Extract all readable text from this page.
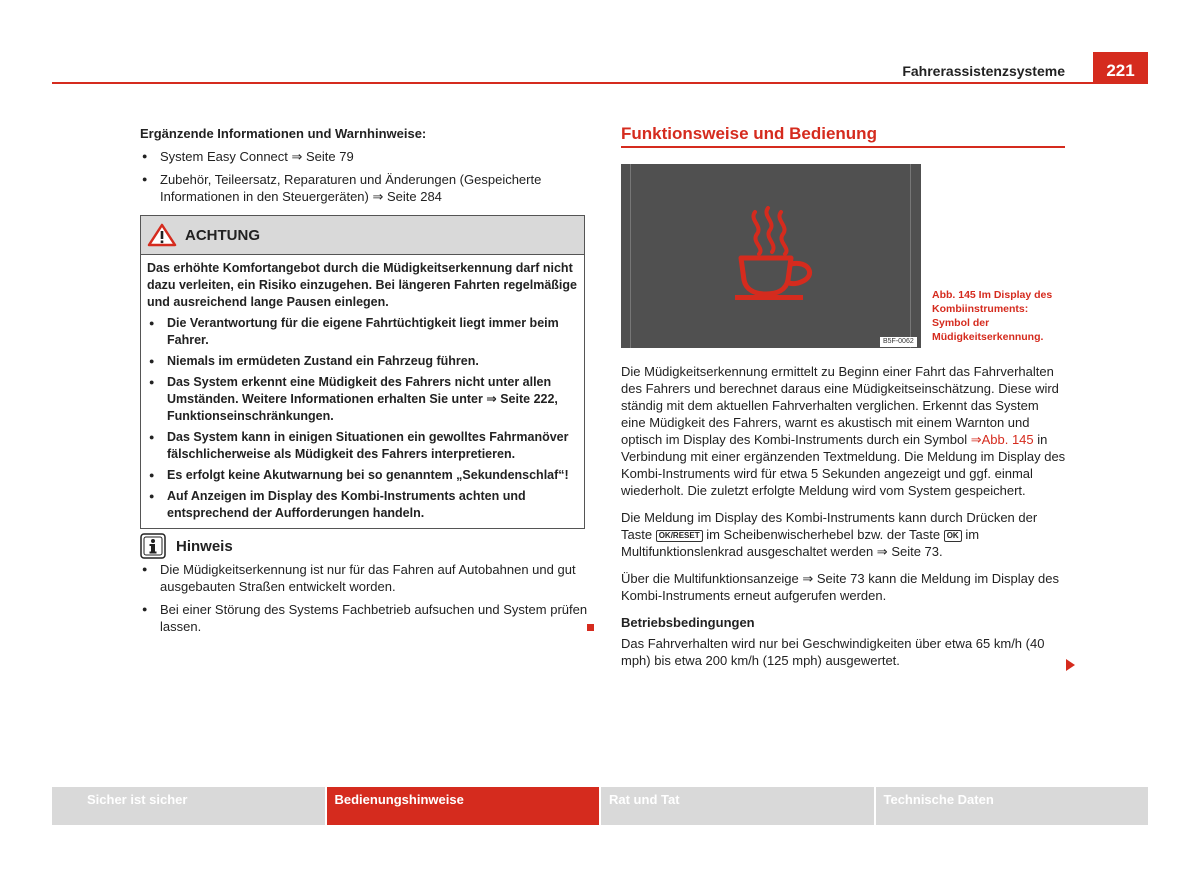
Fahrerassistenzsysteme	221
Ergänzende Informationen und Warnhinweise:

● System Easy Connect ⇒ Seite 79

● Zubehör, Teileersatz, Reparaturen und Änderungen (Gespeicherte Informationen in den Steuergeräten) ⇒ Seite 284

ACHTUNG

Das erhöhte Komfortangebot durch die Müdigkeitserkennung darf nicht dazu verleiten, ein Risiko einzugehen. Bei längeren Fahrten regelmäßige und ausreichend lange Pausen einlegen.

● Die Verantwortung für die eigene Fahrtüchtigkeit liegt immer beim Fahrer.

● Niemals im ermüdeten Zustand ein Fahrzeug führen.

● Das System erkennt eine Müdigkeit des Fahrers nicht unter allen Umständen. Weitere Informationen erhalten Sie unter ⇒ Seite 222, Funktionseinschränkungen.

● Das System kann in einigen Situationen ein gewolltes Fahrmanöver fälschlicherweise als Müdigkeit des Fahrers interpretieren.

● Es erfolgt keine Akutwarnung bei so genanntem „Sekundenschlaf“!

● Auf Anzeigen im Display des Kombi-Instruments achten und entsprechend der Aufforderungen handeln.

Hinweis

● Die Müdigkeitserkennung ist nur für das Fahren auf Autobahnen und gut ausgebauten Straßen entwickelt worden.

● Bei einer Störung des Systems Fachbetrieb aufsuchen und System prüfen lassen.

Funktionsweise und Bedienung
B5F-0062
Abb. 145 Im Display des Kombiinstruments: Symbol der Müdigkeitserkennung.

Die Müdigkeitserkennung ermittelt zu Beginn einer Fahrt das Fahrverhalten des Fahrers und berechnet daraus eine Müdigkeitseinschätzung. Diese wird ständig mit dem aktuellen Fahrverhalten verglichen. Erkennt das System eine Müdigkeit des Fahrers, warnt es akustisch mit einem Warnton und optisch im Display des Kombi-Instruments durch ein Symbol ⇒Abb. 145 in Verbindung mit einer ergänzenden Textmeldung. Die Meldung im Display des Kombi-Instruments wird für etwa 5 Sekunden angezeigt und ggf. einmal wiederholt. Die zuletzt erfolgte Meldung wird vom System gespeichert.

Die Meldung im Display des Kombi-Instruments kann durch Drücken der Taste OK/RESET im Scheibenwischerhebel bzw. der Taste OK im Multifunktionslenkrad ausgeschaltet werden ⇒ Seite 73.

Über die Multifunktionsanzeige ⇒ Seite 73 kann die Meldung im Display des Kombi-Instruments erneut aufgerufen werden.

Betriebsbedingungen

Das Fahrverhalten wird nur bei Geschwindigkeiten über etwa 65 km/h (40 mph) bis etwa 200 km/h (125 mph) ausgewertet.

Sicher ist sicher	Bedienungshinweise	Rat und Tat	Technische Daten
